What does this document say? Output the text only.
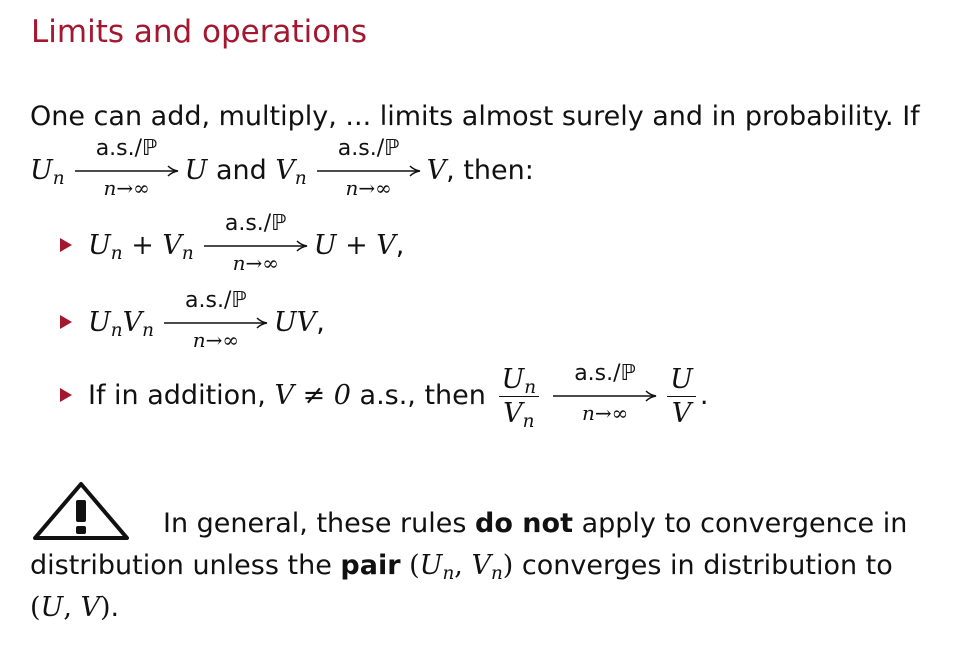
Limits and operations
One can add, multiply, ... limits almost surely and in probability. If
$U_n$
a.s./ℙ
n→∞
U and $V_n$
a.s./ℙ
n→∞
V, then:
$U_n + V_n$
a.s./ℙ
n→∞
U + V,
$U_nV_n$
a.s./ℙ
n→∞
UV,
If in addition, V ≠ 0 a.s., then $\frac{U_n}{V_n}$	a.s./ℙ
n→∞	$\frac{U}{V}$ .
In general, these rules do not apply to convergence in
distribution unless the pair ($U_n$, $V_n$) converges in distribution to
(U, V).
